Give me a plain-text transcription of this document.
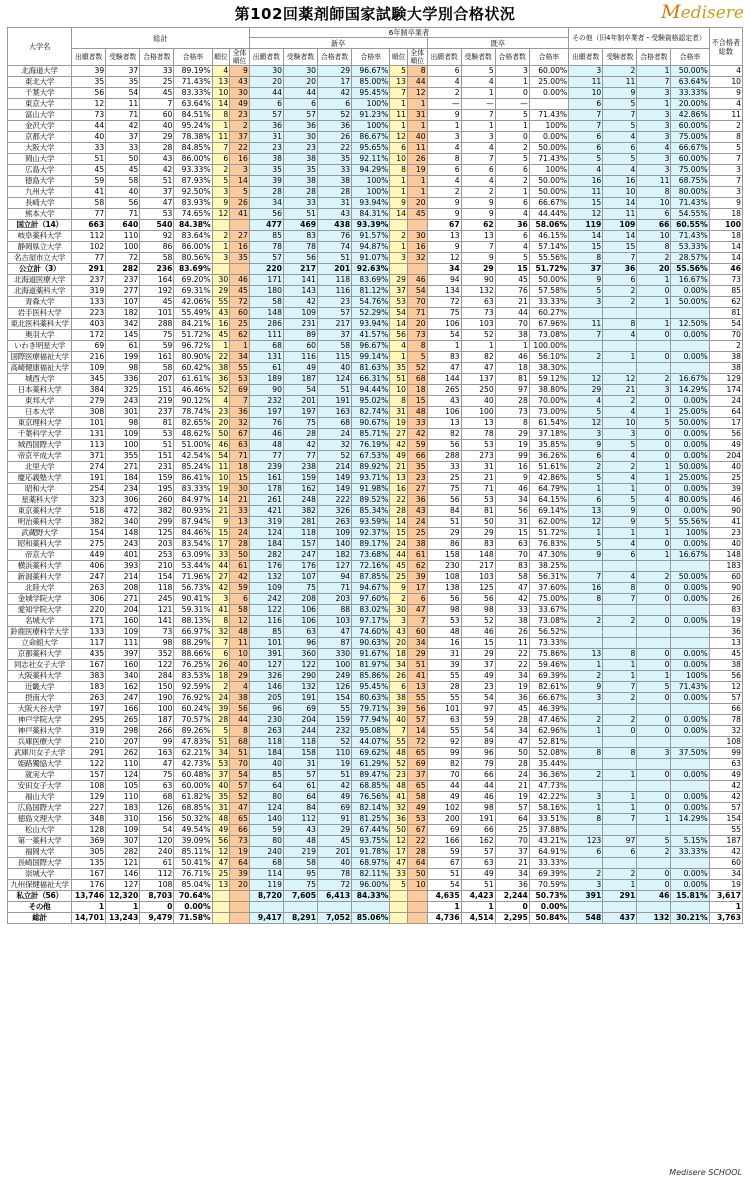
第102回薬剤師国家試験大学別合格状況	Medisere
大学名	総計						6年制卒業者										その他（旧4年制卒業者・受験資格認定者）				不合格者総数
							新卒						既卒								
	出願者数	受験者数	合格者数	合格率	順位	全体順位	出願者数	受験者数	合格者数	合格率	順位	全体順位	出願者数	受験者数	合格者数	合格率	出願者数	受験者数	合格者数	合格率	
北海道大学	39	37	33	89.19%	4	9	30	30	29	96.67%	5	8	6	5	3	60.00%	3	2	1	50.00%	4
東北大学	35	35	25	71.43%	13	43	20	20	17	85.00%	13	44	4	4	1	25.00%	11	11	7	63.64%	10
千葉大学	56	54	45	83.33%	10	30	44	44	42	95.45%	7	12	2	1	0	0.00%	10	9	3	33.33%	9
東京大学	12	11	7	63.64%	14	49	6	6	6	100%	1	1	—	—	—		6	5	1	20.00%	4
富山大学	73	71	60	84.51%	8	23	57	57	52	91.23%	11	31	9	7	5	71.43%	7	7	3	42.86%	11
金沢大学	44	42	40	95.24%	1	2	36	36	36	100%	1	1	1	1	1	100%	7	5	3	60.00%	2
京都大学	40	37	29	78.38%	11	37	31	30	26	86.67%	12	40	3	3	0	0.00%	6	4	3	75.00%	8
大阪大学	33	33	28	84.85%	7	22	23	23	22	95.65%	6	11	4	4	2	50.00%	6	6	4	66.67%	5
岡山大学	51	50	43	86.00%	6	16	38	38	35	92.11%	10	26	8	7	5	71.43%	5	5	3	60.00%	7
広島大学	45	45	42	93.33%	2	3	35	35	33	94.29%	8	19	6	6	6	100%	4	4	3	75.00%	3
徳島大学	59	58	51	87.93%	5	14	39	38	38	100%	1	1	4	4	2	50.00%	16	16	11	68.75%	7
九州大学	41	40	37	92.50%	3	5	28	28	28	100%	1	1	2	2	1	50.00%	11	10	8	80.00%	3
長崎大学	58	56	47	83.93%	9	26	34	33	31	93.94%	9	20	9	9	6	66.67%	15	14	10	71.43%	9
熊本大学	77	71	53	74.65%	12	41	56	51	43	84.31%	14	45	9	9	4	44.44%	12	11	6	54.55%	18
国立計（14）	663	640	540	84.38%			477	469	438	93.39%			67	62	36	58.06%	119	109	66	60.55%	100
岐阜薬科大学	112	110	92	83.64%	2	27	85	83	76	91.57%	2	30	13	13	6	46.15%	14	14	10	71.43%	18
静岡県立大学	102	100	86	86.00%	1	16	78	78	74	94.87%	1	16	9	7	4	57.14%	15	15	8	53.33%	14
名古屋市立大学	77	72	58	80.56%	3	35	57	56	51	91.07%	3	32	12	9	5	55.56%	8	7	2	28.57%	14
公立計（3）	291	282	236	83.69%			220	217	201	92.63%			34	29	15	51.72%	37	36	20	55.56%	46
北海道医療大学	237	237	164	69.20%	30	46	171	141	118	83.69%	29	46	94	90	45	50.00%	9	6	1	16.67%	73
北海道薬科大学	319	277	192	69.31%	29	45	180	143	116	81.12%	37	54	134	132	76	57.58%	5	2	0	0.00%	85
青森大学	133	107	45	42.06%	55	72	58	42	23	54.76%	53	70	72	63	21	33.33%	3	2	1	50.00%	62
岩手医科大学	223	182	101	55.49%	43	60	148	109	57	52.29%	54	71	75	73	44	60.27%					81
東北医科薬科大学	403	342	288	84.21%	16	25	286	231	217	93.94%	14	20	106	103	70	67.96%	11	8	1	12.50%	54
奥羽大学	172	145	75	51.72%	45	62	111	89	37	41.57%	56	73	54	52	38	73.08%	7	4	0	0.00%	70
いわき明星大学	69	61	59	96.72%	1	1	68	60	58	96.67%	4	8	1	1	1	100.00%					2
国際医療福祉大学	216	199	161	80.90%	22	34	131	116	115	99.14%	1	5	83	82	46	56.10%	2	1	0	0.00%	38
高崎健康福祉大学	109	98	58	60.42%	38	55	61	49	40	81.63%	35	52	47	47	18	38.30%					38
城西大学	345	336	207	61.61%	36	53	189	187	124	66.31%	51	68	144	137	81	59.12%	12	12	2	16.67%	129
日本薬科大学	384	325	151	46.46%	52	69	90	54	51	94.44%	10	18	265	250	97	38.80%	29	21	3	14.29%	174
東邦大学	279	243	219	90.12%	4	7	232	201	191	95.02%	8	15	43	40	28	70.00%	4	2	0	0.00%	24
日本大学	308	301	237	78.74%	23	36	197	197	163	82.74%	31	48	106	100	73	73.00%	5	4	1	25.00%	64
東京理科大学	101	98	81	82.65%	20	32	76	75	68	90.67%	19	33	13	13	8	61.54%	12	10	5	50.00%	17
千葉科学大学	131	109	53	48.62%	50	67	46	28	24	85.71%	27	42	82	78	29	37.18%	3	3	0	0.00%	56
城西国際大学	113	100	51	51.00%	46	63	48	42	32	76.19%	42	59	56	53	19	35.85%	9	5	0	0.00%	49
帝京平成大学	371	355	151	42.54%	54	71	77	77	52	67.53%	49	66	288	273	99	36.26%	6	4	0	0.00%	204
北里大学	274	271	231	85.24%	11	18	239	238	214	89.92%	21	35	33	31	16	51.61%	2	2	1	50.00%	40
慶応義塾大学	191	184	159	86.41%	10	15	161	159	149	93.71%	13	23	25	21	9	42.86%	5	4	1	25.00%	25
昭和大学	254	234	195	83.33%	19	30	178	162	149	91.98%	16	27	75	71	46	64.79%	1	1	0	0.00%	39
星薬科大学	323	306	260	84.97%	14	21	261	248	222	89.52%	22	36	56	53	34	64.15%	6	5	4	80.00%	46
東京薬科大学	518	472	382	80.93%	21	33	421	382	326	85.34%	28	43	84	81	56	69.14%	13	9	0	0.00%	90
明治薬科大学	382	340	299	87.94%	9	13	319	281	263	93.59%	14	24	51	50	31	62.00%	12	9	5	55.56%	41
武蔵野大学	154	148	125	84.46%	15	24	124	118	109	92.37%	15	25	29	29	15	51.72%	1	1	1	100%	23
昭和薬科大学	275	243	203	83.54%	17	28	184	157	140	89.17%	24	38	86	83	63	76.83%	5	4	0	0.00%	40
帝京大学	449	401	253	63.09%	33	50	282	247	182	73.68%	44	61	158	148	70	47.30%	9	6	1	16.67%	148
横浜薬科大学	406	393	210	53.44%	44	61	176	176	127	72.16%	45	62	230	217	83	38.25%					183
新潟薬科大学	247	214	154	71.96%	27	42	132	107	94	87.85%	25	39	108	103	58	56.31%	7	4	2	50.00%	60
北陸大学	263	208	118	56.73%	42	59	109	75	71	94.67%	9	17	138	125	47	37.60%	16	8	0	0.00%	90
金城学院大学	306	271	245	90.41%	3	6	242	208	203	97.60%	2	6	56	56	42	75.00%	8	7	0	0.00%	26
愛知学院大学	220	204	121	59.31%	41	58	122	106	88	83.02%	30	47	98	98	33	33.67%					83
名城大学	171	160	141	88.13%	8	12	116	106	103	97.17%	3	7	53	52	38	73.08%	2	2	0	0.00%	19
鈴鹿医療科学大学	133	109	73	66.97%	32	48	85	63	47	74.60%	43	60	48	46	26	56.52%					36
立命館大学	117	111	98	88.29%	7	11	101	96	87	90.63%	20	34	16	15	11	73.33%					13
京都薬科大学	435	397	352	88.66%	6	10	391	360	330	91.67%	18	29	31	29	22	75.86%	13	8	0	0.00%	45
同志社女子大学	167	160	122	76.25%	26	40	127	122	100	81.97%	34	51	39	37	22	59.46%	1	1	0	0.00%	38
大阪薬科大学	383	340	284	83.53%	18	29	326	290	249	85.86%	26	41	55	49	34	69.39%	2	1	1	100%	56
近畿大学	183	162	150	92.59%	2	4	146	132	126	95.45%	6	13	28	23	19	82.61%	9	7	5	71.43%	12
摂南大学	263	247	190	76.92%	24	38	205	191	154	80.63%	38	55	55	54	36	66.67%	3	2	0	0.00%	57
大阪大谷大学	197	166	100	60.24%	39	56	96	69	55	79.71%	39	56	101	97	45	46.39%					66
神戸学院大学	295	265	187	70.57%	28	44	230	204	159	77.94%	40	57	63	59	28	47.46%	2	2	0	0.00%	78
神戸薬科大学	319	298	266	89.26%	5	8	263	244	232	95.08%	7	14	55	54	34	62.96%	1	0	0	0.00%	32
兵庫医療大学	210	207	99	47.83%	51	68	118	118	52	44.07%	55	72	92	89	47	52.81%					108
武庫川女子大学	291	262	163	62.21%	34	51	184	158	110	69.62%	48	65	99	96	50	52.08%	8	8	3	37.50%	99
姫路獨協大学	122	110	47	42.73%	53	70	40	31	19	61.29%	52	69	82	79	28	35.44%					63
就実大学	157	124	75	60.48%	37	54	85	57	51	89.47%	23	37	70	66	24	36.36%	2	1	0	0.00%	49
安田女子大学	108	105	63	60.00%	40	57	64	61	42	68.85%	48	65	44	44	21	47.73%					42
福山大学	129	110	68	61.82%	35	52	80	64	49	76.56%	41	58	49	46	19	42.22%	3	1	0	0.00%	42
広島国際大学	227	183	126	68.85%	31	47	124	84	69	82.14%	32	49	102	98	57	58.16%	1	1	0	0.00%	57
徳島文理大学	348	310	156	50.32%	48	65	140	112	91	81.25%	36	53	200	191	64	33.51%	8	7	1	14.29%	154
松山大学	128	109	54	49.54%	49	66	59	43	29	67.44%	50	67	69	66	25	37.88%					55
第一薬科大学	369	307	120	39.09%	56	73	80	48	45	93.75%	12	22	166	162	70	43.21%	123	97	5	5.15%	187
福岡大学	305	282	240	85.11%	12	19	240	219	201	91.78%	17	28	59	57	37	64.91%	6	6	2	33.33%	42
長崎国際大学	135	121	61	50.41%	47	64	68	58	40	68.97%	47	64	67	63	21	33.33%					60
崇城大学	167	146	112	76.71%	25	39	114	95	78	82.11%	33	50	51	49	34	69.39%	2	2	0	0.00%	34
九州保健福祉大学	176	127	108	85.04%	13	20	119	75	72	96.00%	5	10	54	51	36	70.59%	3	1	0	0.00%	19
私立計（56）	13,746	12,320	8,703	70.64%			8,720	7,605	6,413	84.33%			4,635	4,423	2,244	50.73%	391	291	46	15.81%	3,617
その他	1	1	0	0.00%									1	1	0	0.00%					1
総計	14,701	13,243	9,479	71.58%			9,417	8,291	7,052	85.06%			4,736	4,514	2,295	50.84%	548	437	132	30.21%	3,763
Medisere SCHOOL
